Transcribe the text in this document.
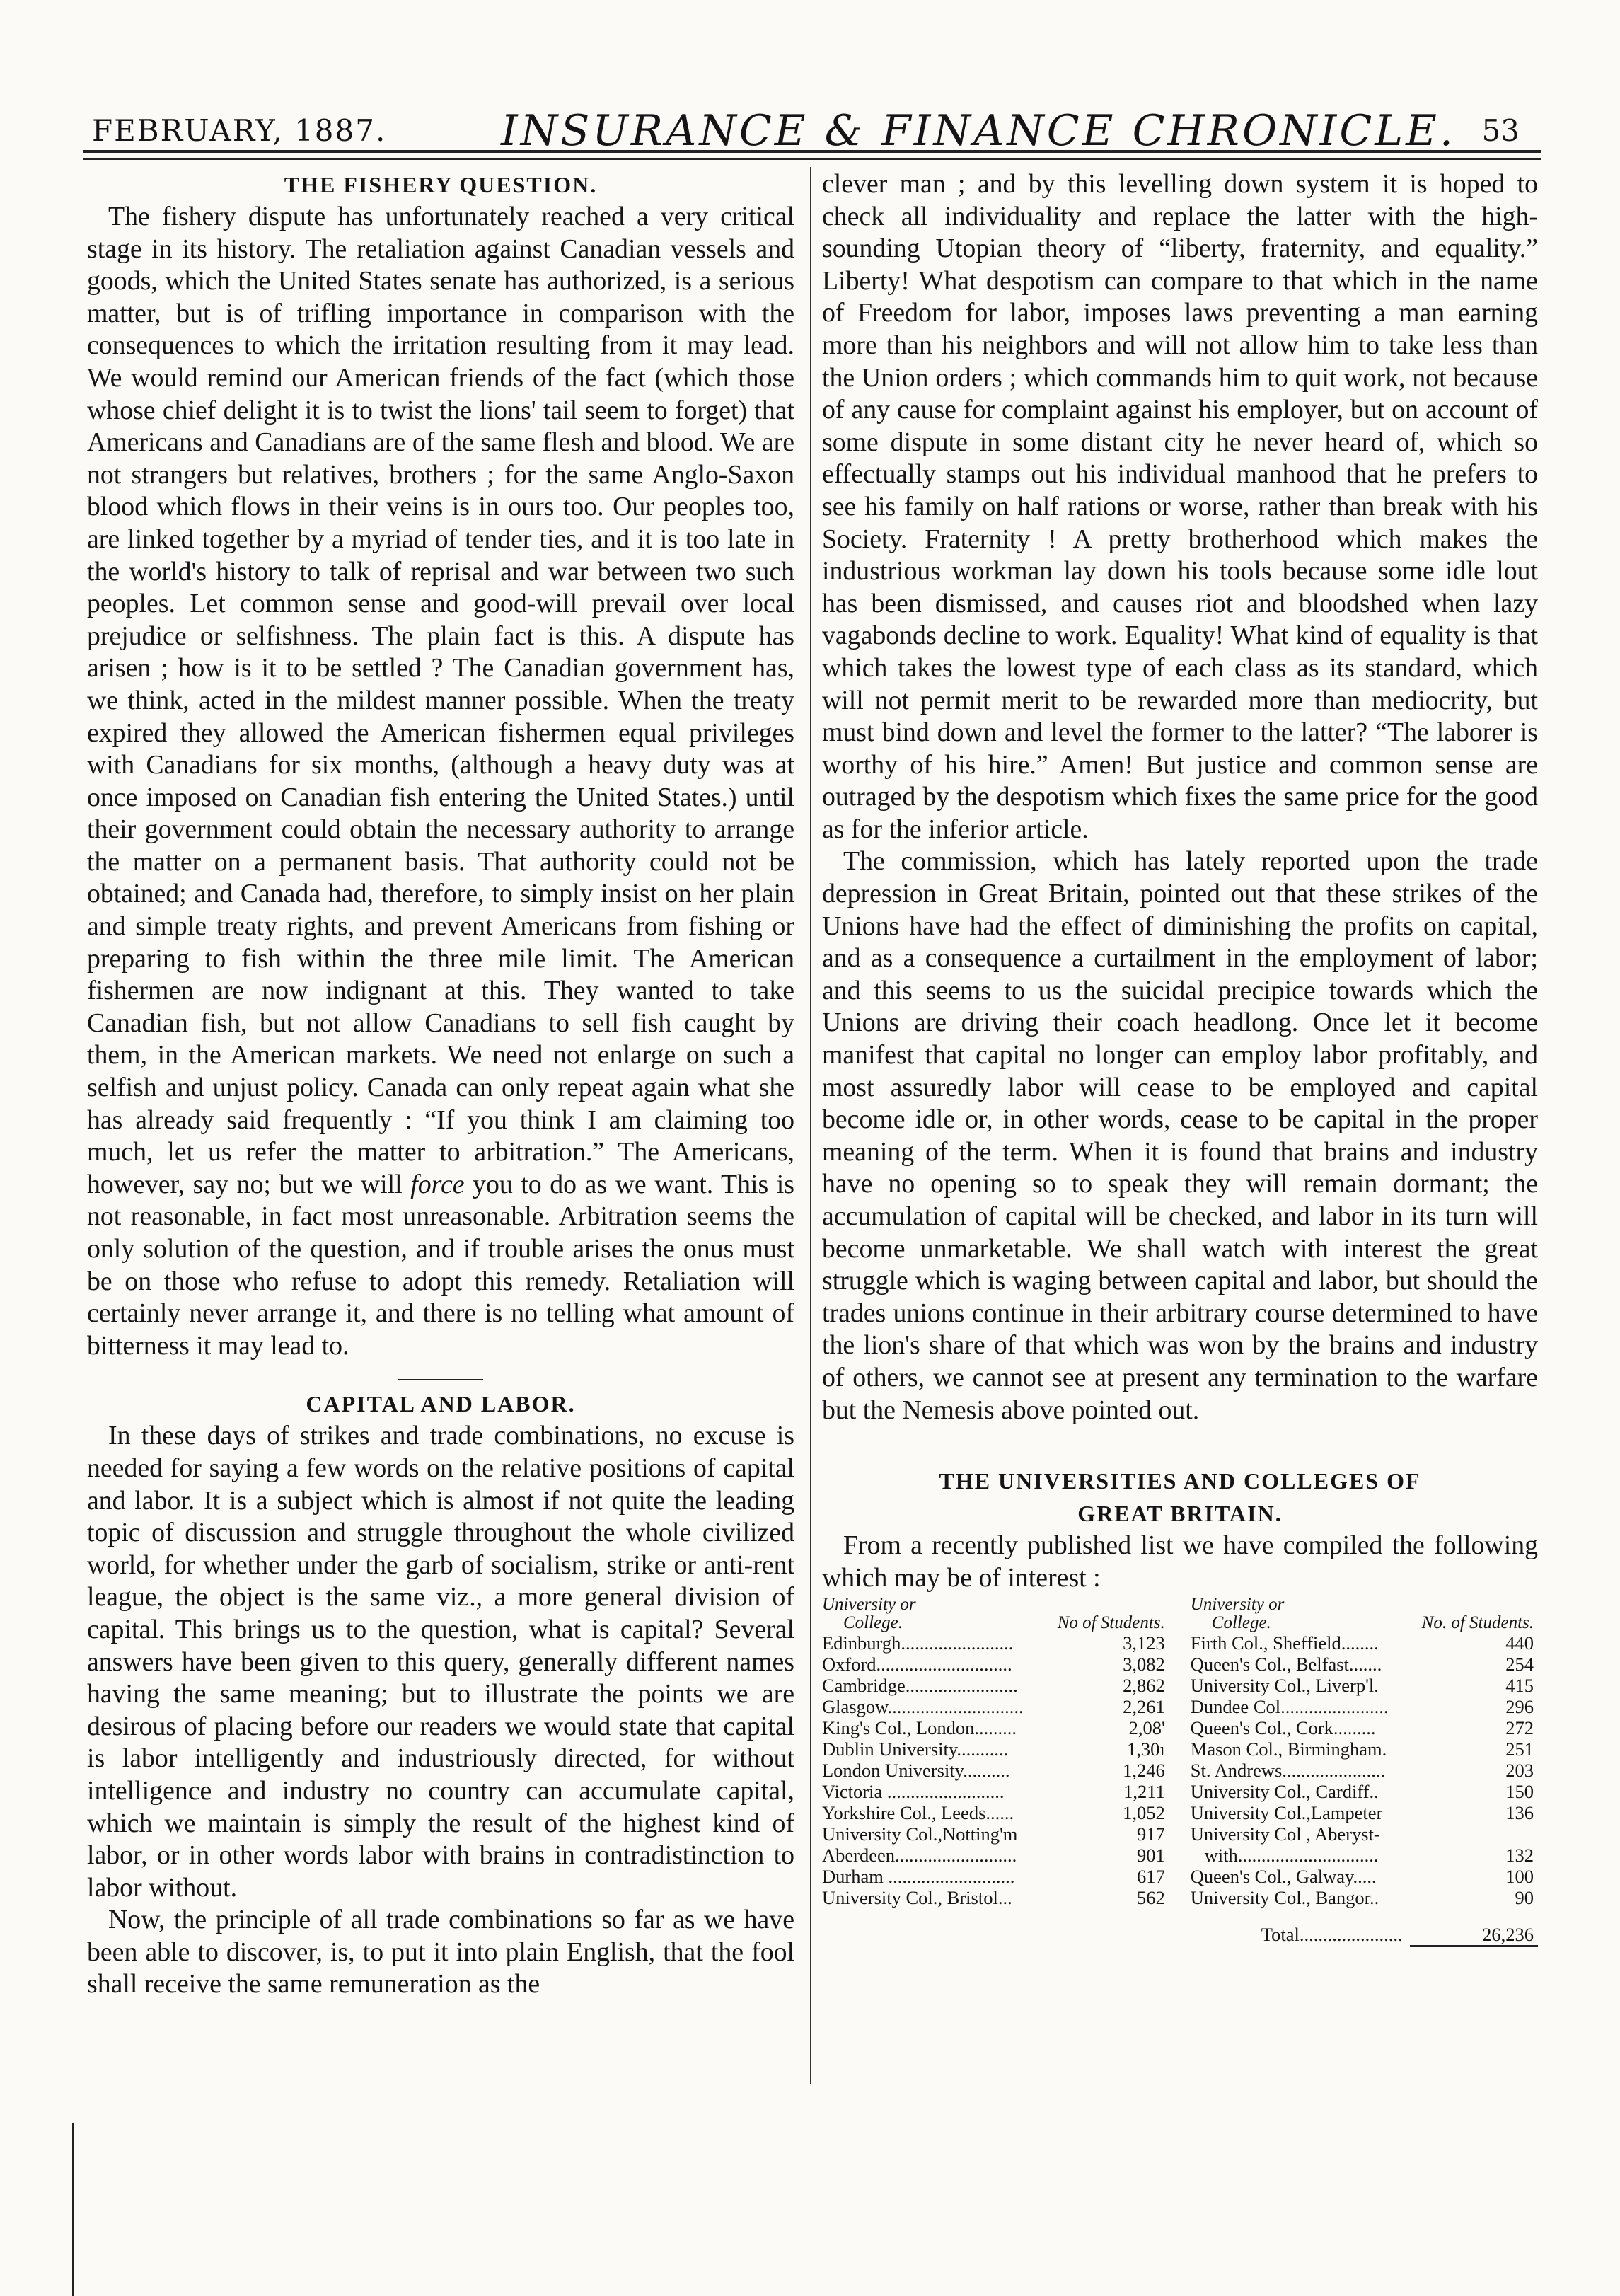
FEBRUARY, 1887.	INSURANCE & FINANCE CHRONICLE. 53
THE FISHERY QUESTION.

The fishery dispute has unfortunately reached a very critical stage in its history. The retaliation against Canadian vessels and goods, which the United States senate has authorized, is a serious matter, but is of trifling importance in comparison with the consequences to which the irritation resulting from it may lead. We would remind our American friends of the fact (which those whose chief delight it is to twist the lions' tail seem to forget) that Americans and Canadians are of the same flesh and blood. We are not strangers but relatives, brothers ; for the same Anglo-Saxon blood which flows in their veins is in ours too. Our peoples too, are linked together by a myriad of tender ties, and it is too late in the world's history to talk of reprisal and war between two such peoples. Let common sense and good-will prevail over local prejudice or selfishness. The plain fact is this. A dispute has arisen ; how is it to be settled ? The Canadian government has, we think, acted in the mildest manner possible. When the treaty expired they allowed the American fishermen equal privileges with Canadians for six months, (although a heavy duty was at once imposed on Canadian fish entering the United States.) until their government could obtain the necessary authority to arrange the matter on a permanent basis. That authority could not be obtained; and Canada had, therefore, to simply insist on her plain and simple treaty rights, and prevent Americans from fishing or preparing to fish within the three mile limit. The American fishermen are now indignant at this. They wanted to take Canadian fish, but not allow Canadians to sell fish caught by them, in the American markets. We need not enlarge on such a selfish and unjust policy. Canada can only repeat again what she has already said frequently : “If you think I am claiming too much, let us refer the matter to arbitration.” The Americans, however, say no; but we will force you to do as we want. This is not reasonable, in fact most unreasonable. Arbitration seems the only solution of the question, and if trouble arises the onus must be on those who refuse to adopt this remedy. Retaliation will certainly never arrange it, and there is no telling what amount of bitterness it may lead to.

CAPITAL AND LABOR.

In these days of strikes and trade combinations, no excuse is needed for saying a few words on the relative positions of capital and labor. It is a subject which is almost if not quite the leading topic of discussion and struggle throughout the whole civilized world, for whether under the garb of socialism, strike or anti-rent league, the object is the same viz., a more general division of capital. This brings us to the question, what is capital? Several answers have been given to this query, generally different names having the same meaning; but to illustrate the points we are desirous of placing before our readers we would state that capital is labor intelligently and industriously directed, for without intelligence and industry no country can accumulate capital, which we maintain is simply the result of the highest kind of labor, or in other words labor with brains in contradistinction to labor without.

Now, the principle of all trade combinations so far as we have been able to discover, is, to put it into plain English, that the fool shall receive the same remuneration as the

clever man ; and by this levelling down system it is hoped to check all individuality and replace the latter with the high-sounding Utopian theory of “liberty, fraternity, and equality.” Liberty! What despotism can compare to that which in the name of Freedom for labor, imposes laws preventing a man earning more than his neighbors and will not allow him to take less than the Union orders ; which commands him to quit work, not because of any cause for complaint against his employer, but on account of some dispute in some distant city he never heard of, which so effectually stamps out his individual manhood that he prefers to see his family on half rations or worse, rather than break with his Society. Fraternity ! A pretty brotherhood which makes the industrious workman lay down his tools because some idle lout has been dismissed, and causes riot and bloodshed when lazy vagabonds decline to work. Equality! What kind of equality is that which takes the lowest type of each class as its standard, which will not permit merit to be rewarded more than mediocrity, but must bind down and level the former to the latter? “The laborer is worthy of his hire.” Amen! But justice and common sense are outraged by the despotism which fixes the same price for the good as for the inferior article.

The commission, which has lately reported upon the trade depression in Great Britain, pointed out that these strikes of the Unions have had the effect of diminishing the profits on capital, and as a consequence a curtailment in the employment of labor; and this seems to us the suicidal precipice towards which the Unions are driving their coach headlong. Once let it become manifest that capital no longer can employ labor profitably, and most assuredly labor will cease to be employed and capital become idle or, in other words, cease to be capital in the proper meaning of the term. When it is found that brains and industry have no opening so to speak they will remain dormant; the accumulation of capital will be checked, and labor in its turn will become unmarketable. We shall watch with interest the great struggle which is waging between capital and labor, but should the trades unions continue in their arbitrary course determined to have the lion's share of that which was won by the brains and industry of others, we cannot see at present any termination to the warfare but the Nemesis above pointed out.

THE UNIVERSITIES AND COLLEGES OF
GREAT BRITAIN.

From a recently published list we have compiled the following which may be of interest :

University or		University or	
College.	No of Students.	College.	No. of Students.
Edinburgh........................	3,123	Firth Col., Sheffield........	440
Oxford.............................	3,082	Queen's Col., Belfast.......	254
Cambridge........................	2,862	University Col., Liverp'l.	415
Glasgow.............................	2,261	Dundee Col.......................	296
King's Col., London.........	2,08'	Queen's Col., Cork.........	272
Dublin University...........	1,30ı	Mason Col., Birmingham.	251
London University..........	1,246	St. Andrews......................	203
Victoria .........................	1,211	University Col., Cardiff..	150
Yorkshire Col., Leeds......	1,052	University Col.,Lampeter	136
University Col.,Notting'm	917	University Col , Aberyst-	
Aberdeen..........................	901	with..............................	132
Durham ...........................	617	Queen's Col., Galway.....	100
University Col., Bristol...	562	University Col., Bangor..	90
		Total......................	26,236
